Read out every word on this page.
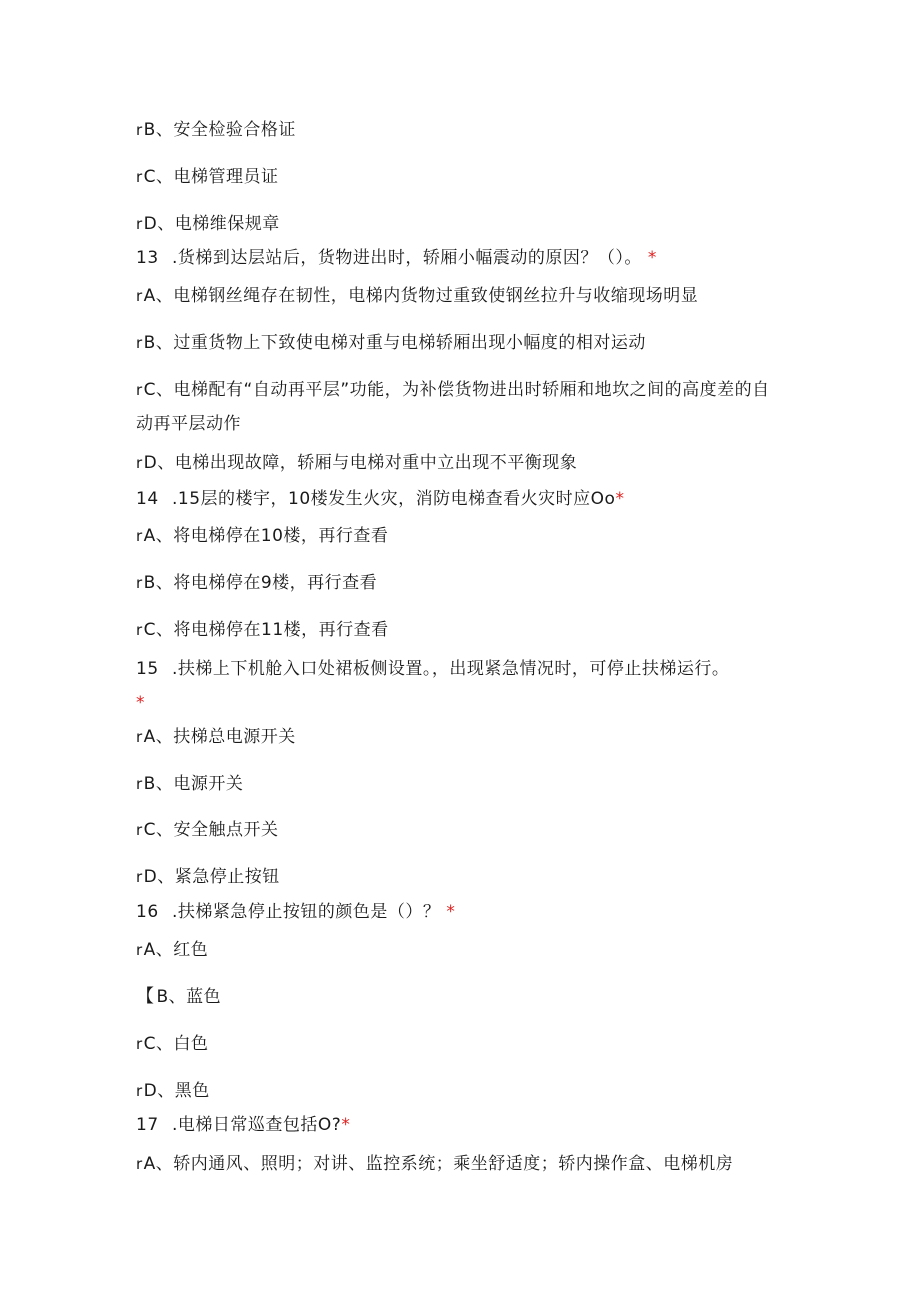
rB、安全检验合格证
rC、电梯管理员证
rD、电梯维保规章
13 .货梯到达层站后，货物进出时，轿厢小幅震动的原因？（）。 *
rA、电梯钢丝绳存在韧性，电梯内货物过重致使钢丝拉升与收缩现场明显
rB、过重货物上下致使电梯对重与电梯轿厢出现小幅度的相对运动
rC、电梯配有“自动再平层”功能，为补偿货物进出时轿厢和地坎之间的高度差的自动再平层动作
rD、电梯出现故障，轿厢与电梯对重中立出现不平衡现象
14 .15层的楼宇，10楼发生火灾，消防电梯查看火灾时应Oo*
rA、将电梯停在10楼，再行查看
rB、将电梯停在9楼，再行查看
rC、将电梯停在11楼，再行查看
15 .扶梯上下机舱入口处裙板侧设置。，出现紧急情况时，可停止扶梯运行。
*
rA、扶梯总电源开关
rB、电源开关
rC、安全触点开关
rD、紧急停止按钮
16 .扶梯紧急停止按钮的颜色是（）？ *
rA、红色
【 B、蓝色
rC、白色
rD、黑色
17 .电梯日常巡查包括O?*
rA、轿内通风、照明；对讲、监控系统；乘坐舒适度；轿内操作盒、电梯机房
